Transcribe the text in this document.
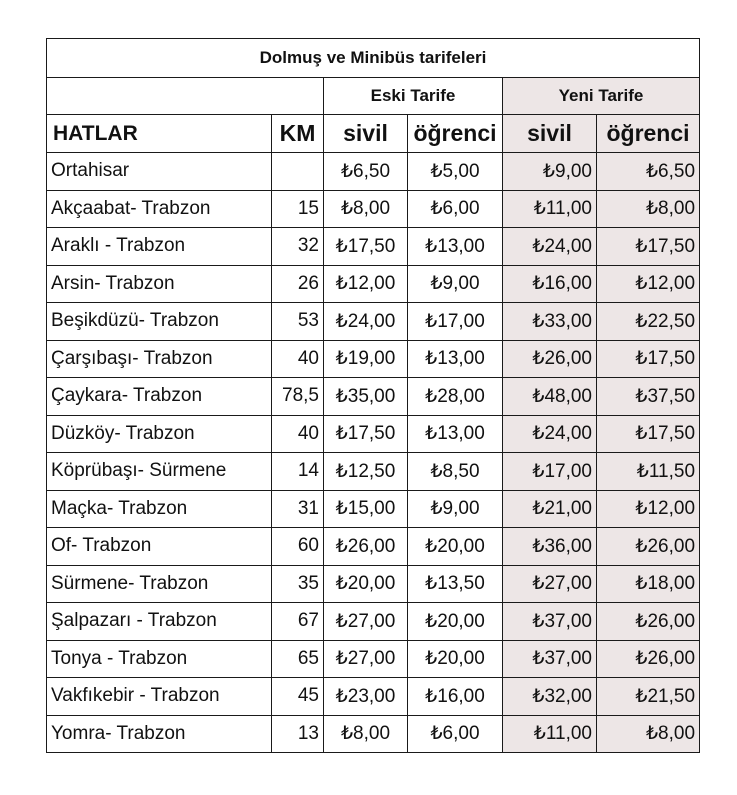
Dolmuş ve Minibüs tarifeleri					
		Eski Tarife		Yeni Tarife	
HATLAR	KM	sivil	öğrenci	sivil	öğrenci
Ortahisar		₺6,50	₺5,00	₺9,00	₺6,50
Akçaabat- Trabzon	15	₺8,00	₺6,00	₺11,00	₺8,00
Araklı - Trabzon	32	₺17,50	₺13,00	₺24,00	₺17,50
Arsin- Trabzon	26	₺12,00	₺9,00	₺16,00	₺12,00
Beşikdüzü- Trabzon	53	₺24,00	₺17,00	₺33,00	₺22,50
Çarşıbaşı- Trabzon	40	₺19,00	₺13,00	₺26,00	₺17,50
Çaykara- Trabzon	78,5	₺35,00	₺28,00	₺48,00	₺37,50
Düzköy- Trabzon	40	₺17,50	₺13,00	₺24,00	₺17,50
Köprübaşı- Sürmene	14	₺12,50	₺8,50	₺17,00	₺11,50
Maçka- Trabzon	31	₺15,00	₺9,00	₺21,00	₺12,00
Of- Trabzon	60	₺26,00	₺20,00	₺36,00	₺26,00
Sürmene- Trabzon	35	₺20,00	₺13,50	₺27,00	₺18,00
Şalpazarı - Trabzon	67	₺27,00	₺20,00	₺37,00	₺26,00
Tonya - Trabzon	65	₺27,00	₺20,00	₺37,00	₺26,00
Vakfıkebir - Trabzon	45	₺23,00	₺16,00	₺32,00	₺21,50
Yomra- Trabzon	13	₺8,00	₺6,00	₺11,00	₺8,00
